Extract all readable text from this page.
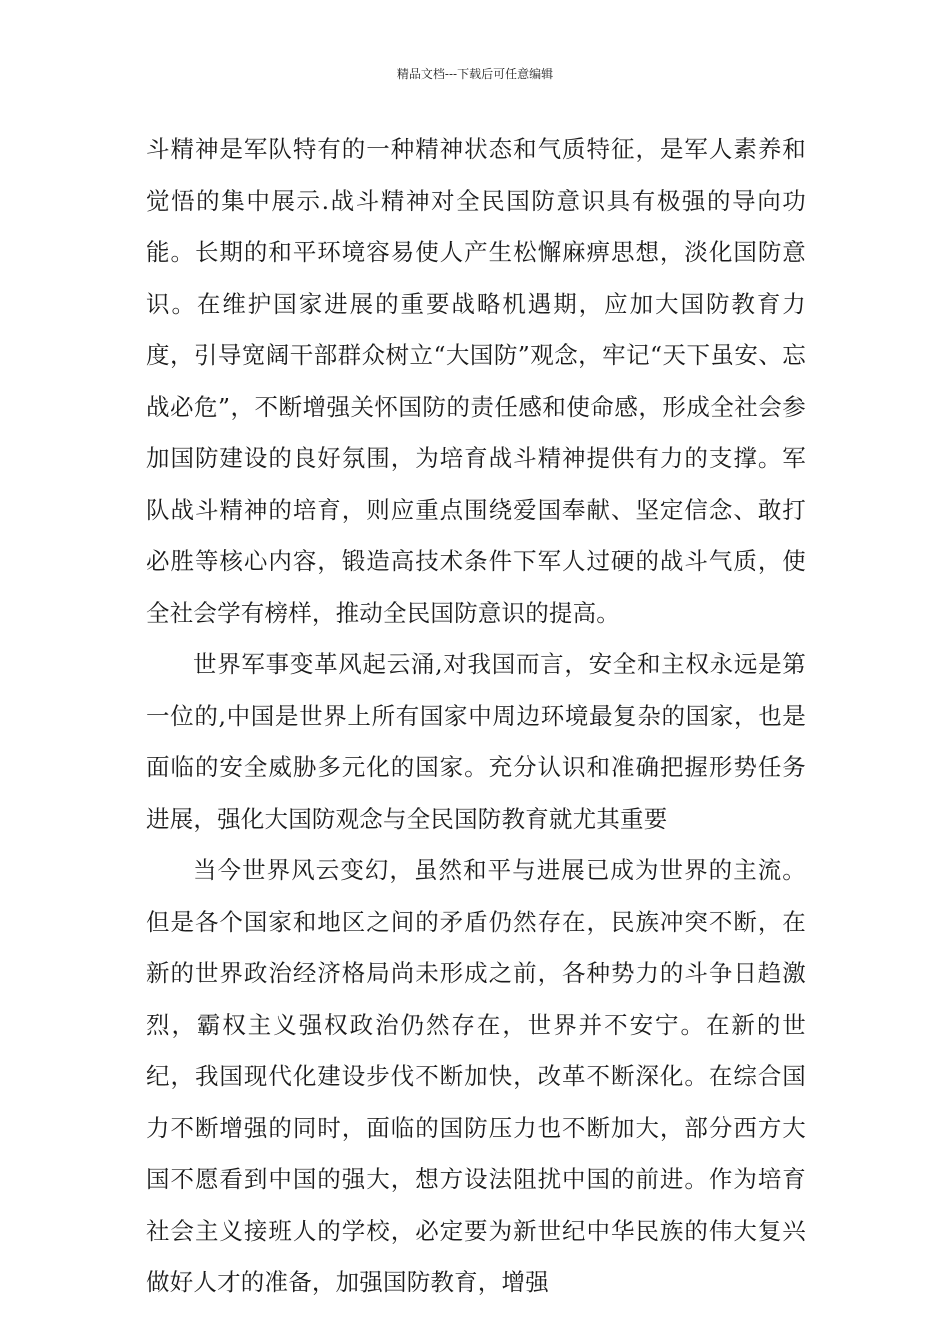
精品文档---下载后可任意编辑

斗精神是军队特有的一种精神状态和气质特征，是军人素养和觉悟的集中展示.战斗精神对全民国防意识具有极强的导向功能。长期的和平环境容易使人产生松懈麻痹思想，淡化国防意识。在维护国家进展的重要战略机遇期，应加大国防教育力度，引导宽阔干部群众树立“大国防”观念，牢记“天下虽安、忘战必危”，不断增强关怀国防的责任感和使命感，形成全社会参加国防建设的良好氛围，为培育战斗精神提供有力的支撑。军队战斗精神的培育，则应重点围绕爱国奉献、坚定信念、敢打必胜等核心内容，锻造高技术条件下军人过硬的战斗气质，使全社会学有榜样，推动全民国防意识的提高。

世界军事变革风起云涌,对我国而言，安全和主权永远是第一位的,中国是世界上所有国家中周边环境最复杂的国家，也是面临的安全威胁多元化的国家。充分认识和准确把握形势任务进展，强化大国防观念与全民国防教育就尤其重要

当今世界风云变幻，虽然和平与进展已成为世界的主流。但是各个国家和地区之间的矛盾仍然存在，民族冲突不断，在新的世界政治经济格局尚未形成之前，各种势力的斗争日趋激烈，霸权主义强权政治仍然存在，世界并不安宁。在新的世纪，我国现代化建设步伐不断加快，改革不断深化。在综合国力不断增强的同时，面临的国防压力也不断加大，部分西方大国不愿看到中国的强大，想方设法阻扰中国的前进。作为培育社会主义接班人的学校，必定要为新世纪中华民族的伟大复兴做好人才的准备，加强国防教育，增强
